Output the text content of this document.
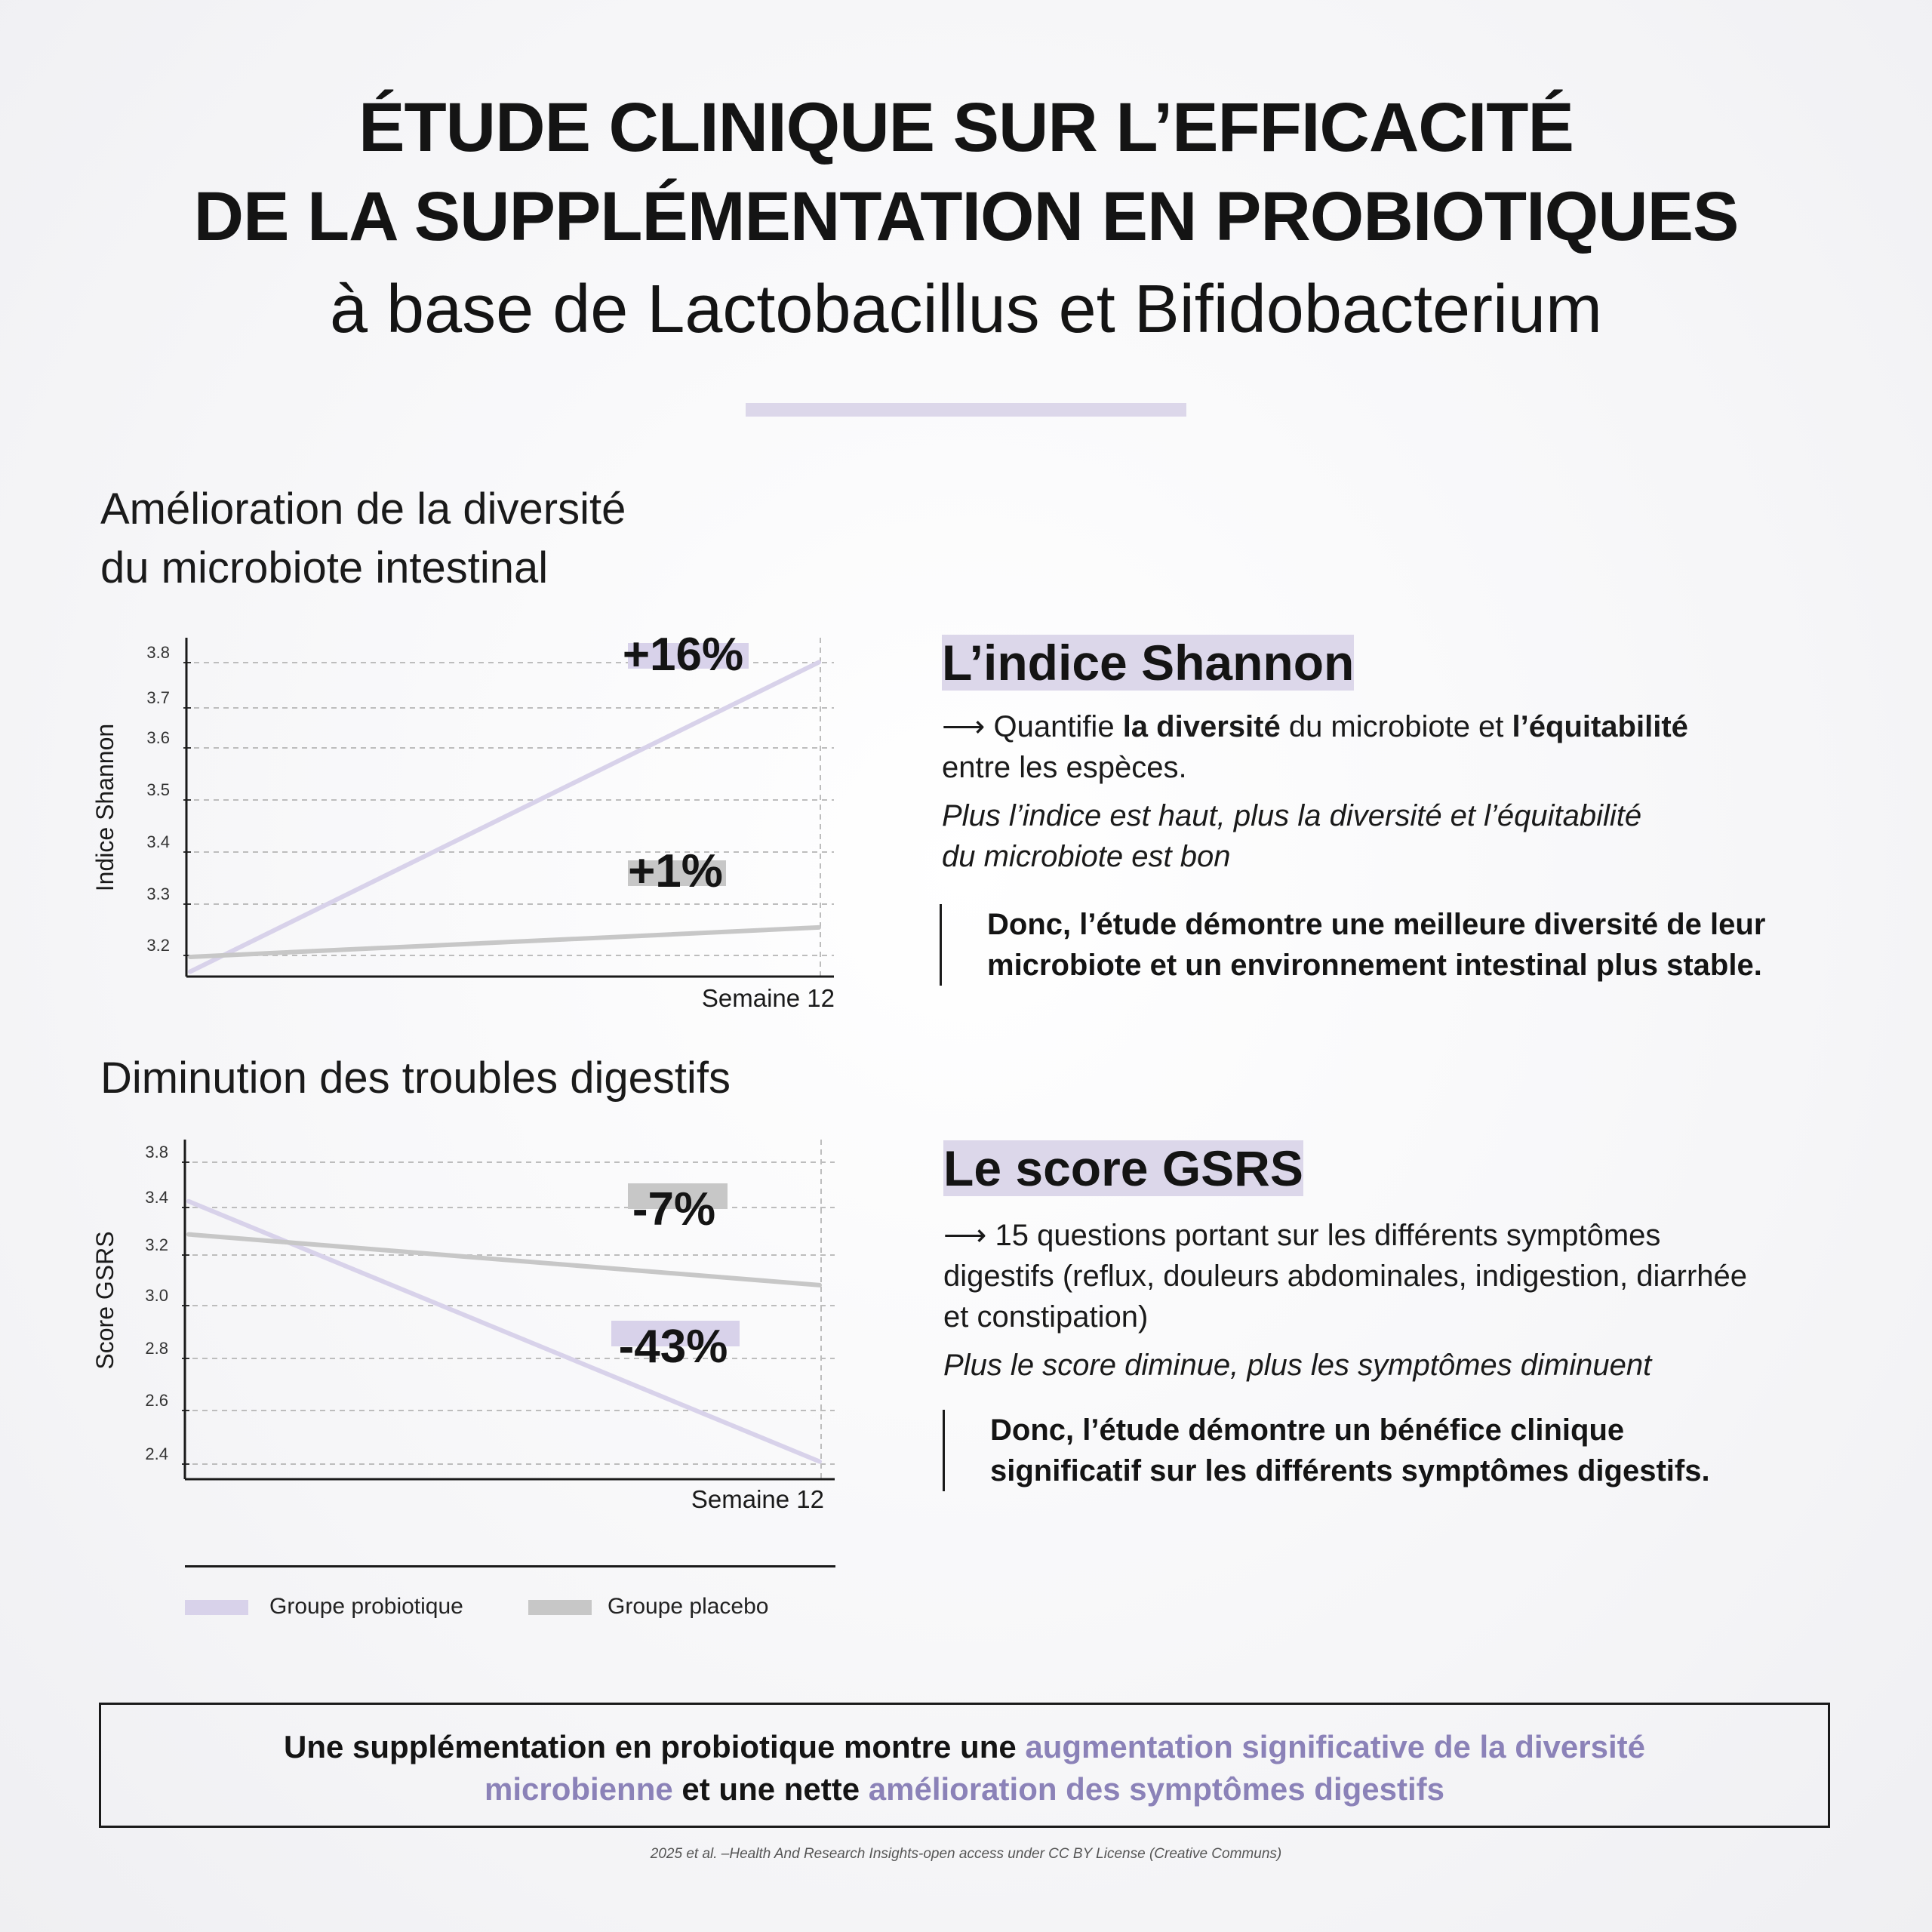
ÉTUDE CLINIQUE SUR L’EFFICACITÉ
DE LA SUPPLÉMENTATION EN PROBIOTIQUES
à base de Lactobacillus et Bifidobacterium
Amélioration de la diversité
du microbiote intestinal
3.2
3.3
3.4
3.5
3.6
3.7
3.8
Indice Shannon
Semaine 12
+16%
+1%
2.4
2.6
2.8
3.0
3.2
3.4
3.8
Score GSRS
Semaine 12
-43%
-7%
Diminution des troubles digestifs
L’indice Shannon
⟶ Quantifie la diversité du microbiote et l’équitabilité
entre les espèces.
Plus l’indice est haut, plus la diversité et l’équitabilité
du microbiote est bon
Donc, l’étude démontre une meilleure diversité de leur
microbiote et un environnement intestinal plus stable.
Le score GSRS
⟶ 15 questions portant sur les différents symptômes
digestifs (reflux, douleurs abdominales, indigestion, diarrhée
et constipation)
Plus le score diminue, plus les symptômes diminuent
Donc, l’étude démontre un bénéfice clinique
significatif sur les différents symptômes digestifs.
Groupe probiotique	Groupe placebo
Une supplémentation en probiotique montre une augmentation significative de la diversité
microbienne et une nette amélioration des symptômes digestifs
2025 et al. –Health And Research Insights-open access under CC BY License (Creative Communs)
